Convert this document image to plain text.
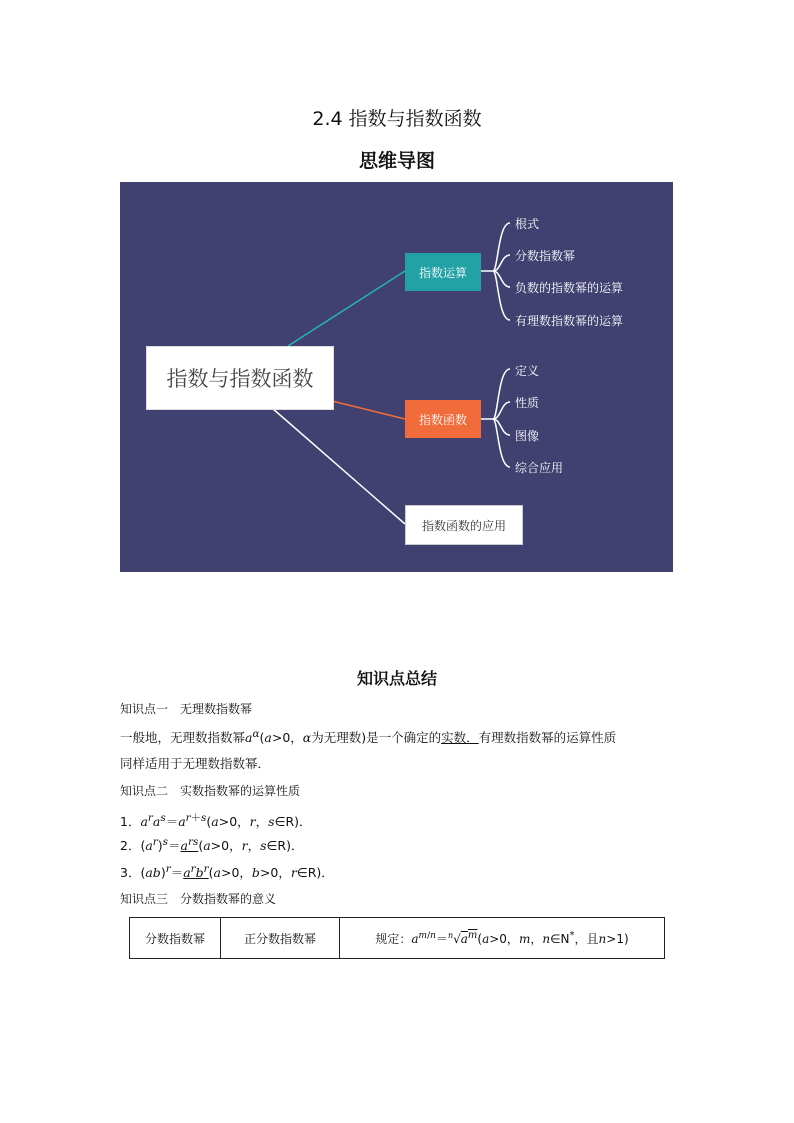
2.4 指数与指数函数
思维导图
指数与指数函数
指数运算
根式
分数指数幂
负数的指数幂的运算
有理数指数幂的运算
指数函数
定义
性质
图像
综合应用
指数函数的应用
知识点总结
知识点一　无理数指数幂
一般地，无理数指数幂$a^\alpha(a>0$，α为无理数)是一个确定的实数．有理数指数幂的运算性质
同样适用于无理数指数幂．
知识点二　实数指数幂的运算性质
1．$a^ra^s=a^{r+s}(a>0$，r，s∈R)．
2．$(a^r)^s=a^{rs}(a>0$，r，s∈R)．
3．$(ab)^r=a^rb^r(a>0$，b>0，r∈R)．
知识点三　分数指数幂的意义
分数指数幂	正分数指数幂	规定：$a^{m/n}=^n√a^m(a>0$，m，n∈N*，且n>1)
